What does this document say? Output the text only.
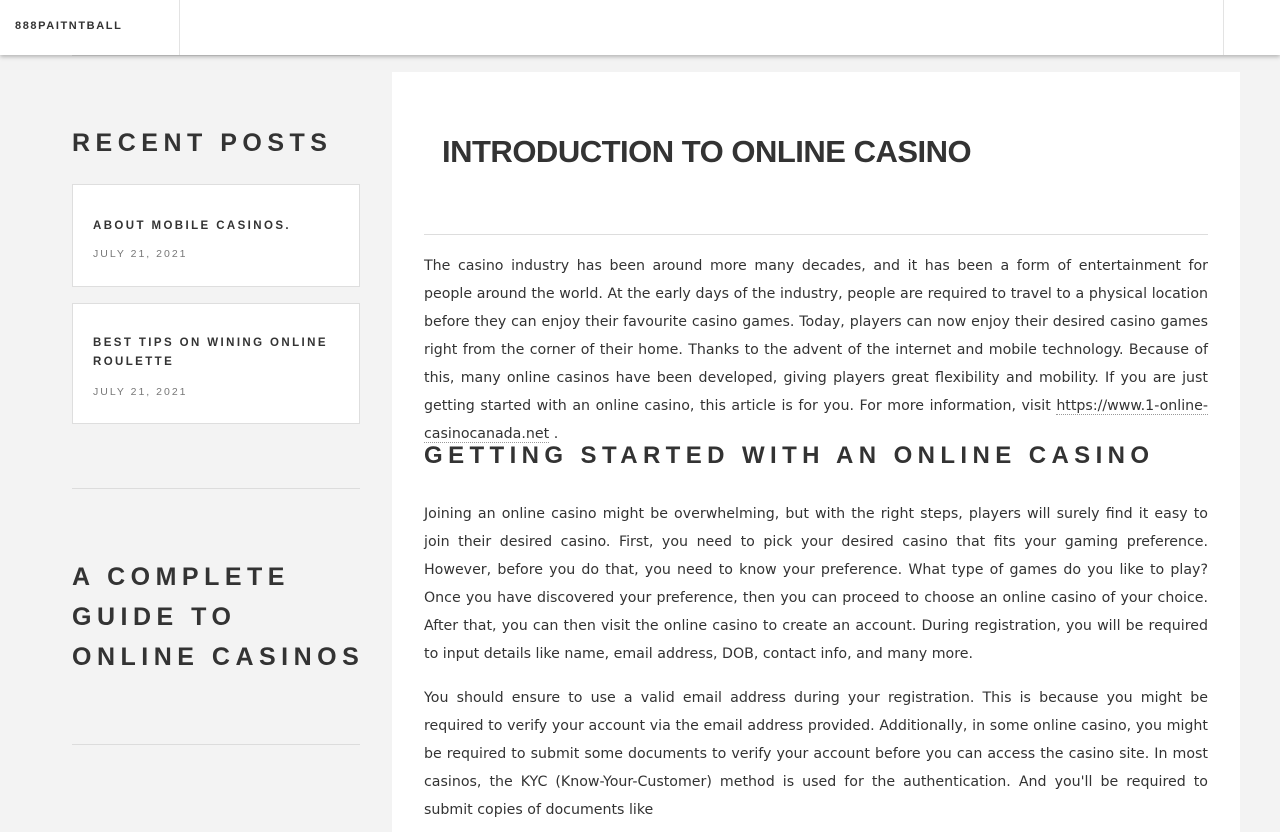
888PAITNTBALL
RECENT POSTS
ABOUT MOBILE CASINOS.
JULY 21, 2021
BEST TIPS ON WINING ONLINE ROULETTE
JULY 21, 2021
A COMPLETE GUIDE TO ONLINE CASINOS
INTRODUCTION TO ONLINE CASINO

The casino industry has been around more many decades, and it has been a form of entertainment for people around the world. At the early days of the industry, people are required to travel to a physical location before they can enjoy their favourite casino games. Today, players can now enjoy their desired casino games right from the corner of their home. Thanks to the advent of the internet and mobile technology. Because of this, many online casinos have been developed, giving players great flexibility and mobility. If you are just getting started with an online casino, this article is for you. For more information, visit https://www.1-online-casinocanada.net .

GETTING STARTED WITH AN ONLINE CASINO

Joining an online casino might be overwhelming, but with the right steps, players will surely find it easy to join their desired casino. First, you need to pick your desired casino that fits your gaming preference. However, before you do that, you need to know your preference. What type of games do you like to play? Once you have discovered your preference, then you can proceed to choose an online casino of your choice. After that, you can then visit the online casino to create an account. During registration, you will be required to input details like name, email address, DOB, contact info, and many more.

You should ensure to use a valid email address during your registration. This is because you might be required to verify your account via the email address provided. Additionally, in some online casino, you might be required to submit some documents to verify your account before you can access the casino site. In most casinos, the KYC (Know-Your-Customer) method is used for the authentication. And you'll be required to submit copies of documents like
